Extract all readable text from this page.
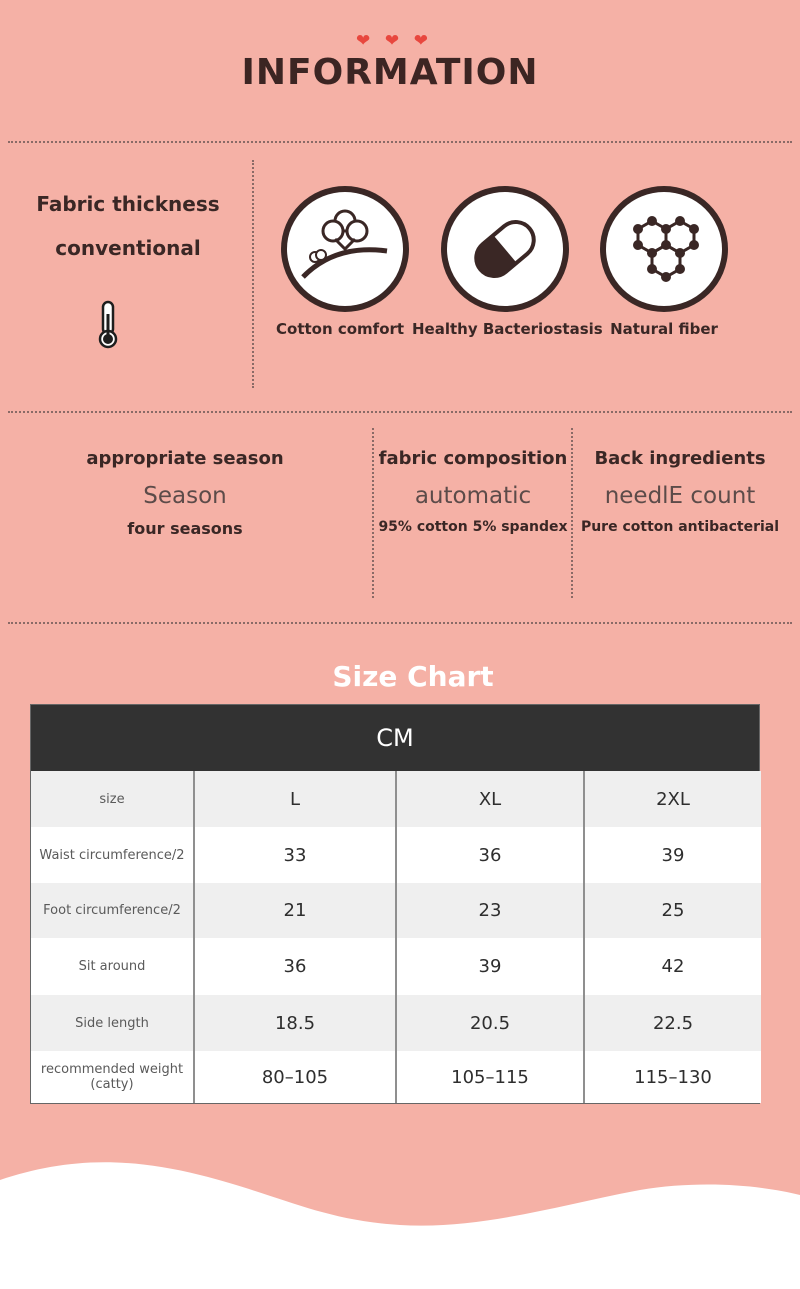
❤ ❤ ❤
INFORMATION
Fabric thickness
conventional
Cotton comfort Healthy Bacteriostasis Natural fiber
appropriate season
Season
four seasons
fabric composition
automatic
95% cotton 5% spandex
Back ingredients
needlE count
Pure cotton antibacterial
Size Chart
CM
size	L	XL	2XL
Waist circumference/2	33	36	39
Foot circumference/2	21	23	25
Sit around	36	39	42
Side length	18.5	20.5	22.5
recommended weight (catty)	80–105	105–115	115–130
